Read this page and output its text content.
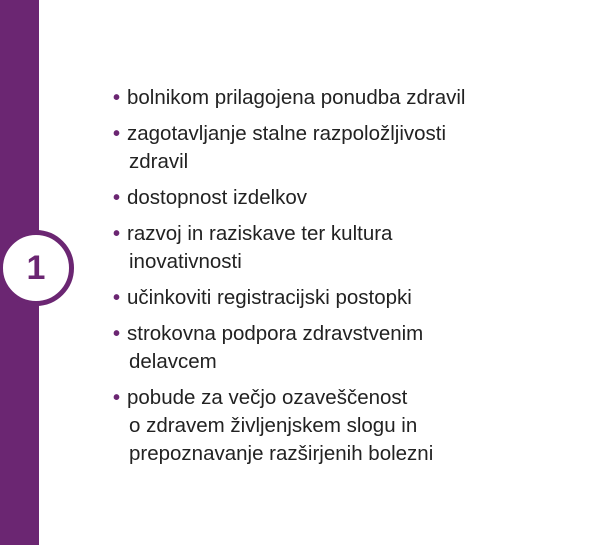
1
• bolnikom prilagojena ponudba zdravil
• zagotavljanje stalne razpoložljivosti
zdravil
• dostopnost izdelkov
• razvoj in raziskave ter kultura
inovativnosti
• učinkoviti registracijski postopki
• strokovna podpora zdravstvenim
delavcem
• pobude za večjo ozaveščenost
o zdravem življenjskem slogu in
prepoznavanje razširjenih bolezni
